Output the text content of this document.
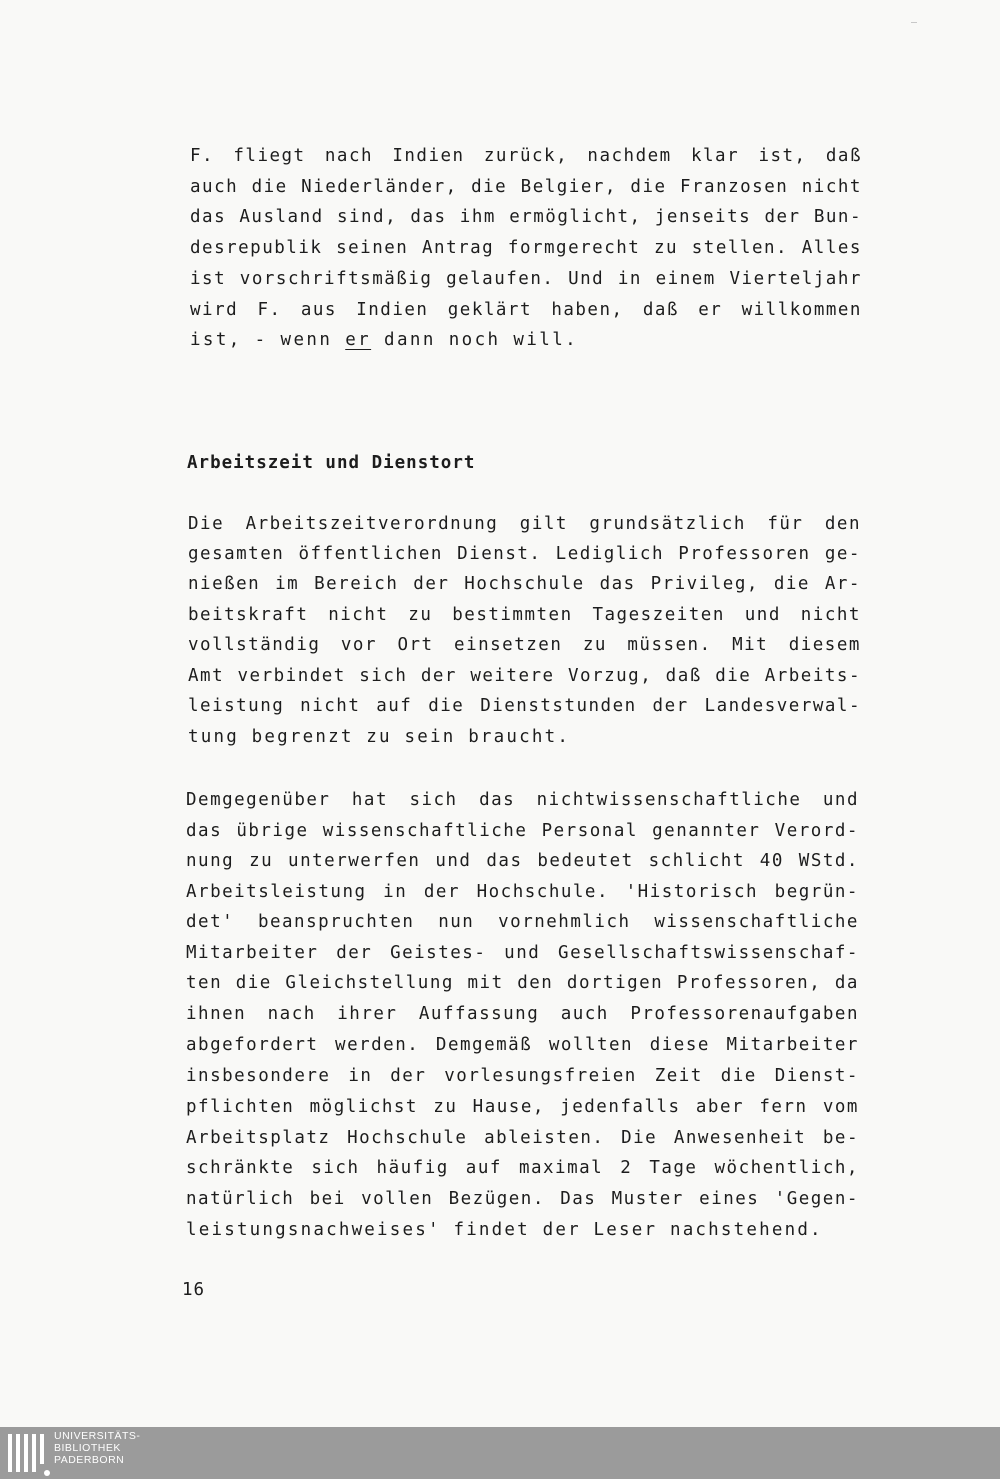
F. fliegt nach Indien zurück, nachdem klar ist, daß
auch die Niederländer, die Belgier, die Franzosen nicht
das Ausland sind, das ihm ermöglicht, jenseits der Bun-
desrepublik seinen Antrag formgerecht zu stellen. Alles
ist vorschriftsmäßig gelaufen. Und in einem Vierteljahr
wird F. aus Indien geklärt haben, daß er willkommen
ist, - wenn er dann noch will.
Arbeitszeit und Dienstort
Die Arbeitszeitverordnung gilt grundsätzlich für den
gesamten öffentlichen Dienst. Lediglich Professoren ge-
nießen im Bereich der Hochschule das Privileg, die Ar-
beitskraft nicht zu bestimmten Tageszeiten und nicht
vollständig vor Ort einsetzen zu müssen. Mit diesem
Amt verbindet sich der weitere Vorzug, daß die Arbeits-
leistung nicht auf die Dienststunden der Landesverwal-
tung begrenzt zu sein braucht.
Demgegenüber hat sich das nichtwissenschaftliche und
das übrige wissenschaftliche Personal genannter Verord-
nung zu unterwerfen und das bedeutet schlicht 40 WStd.
Arbeitsleistung in der Hochschule. 'Historisch begrün-
det' beanspruchten nun vornehmlich wissenschaftliche
Mitarbeiter der Geistes- und Gesellschaftswissenschaf-
ten die Gleichstellung mit den dortigen Professoren, da
ihnen nach ihrer Auffassung auch Professorenaufgaben
abgefordert werden. Demgemäß wollten diese Mitarbeiter
insbesondere in der vorlesungsfreien Zeit die Dienst-
pflichten möglichst zu Hause, jedenfalls aber fern vom
Arbeitsplatz Hochschule ableisten. Die Anwesenheit be-
schränkte sich häufig auf maximal 2 Tage wöchentlich,
natürlich bei vollen Bezügen. Das Muster eines 'Gegen-
leistungsnachweises' findet der Leser nachstehend.
16
UNIVERSITÄTS-
BIBLIOTHEK
PADERBORN
